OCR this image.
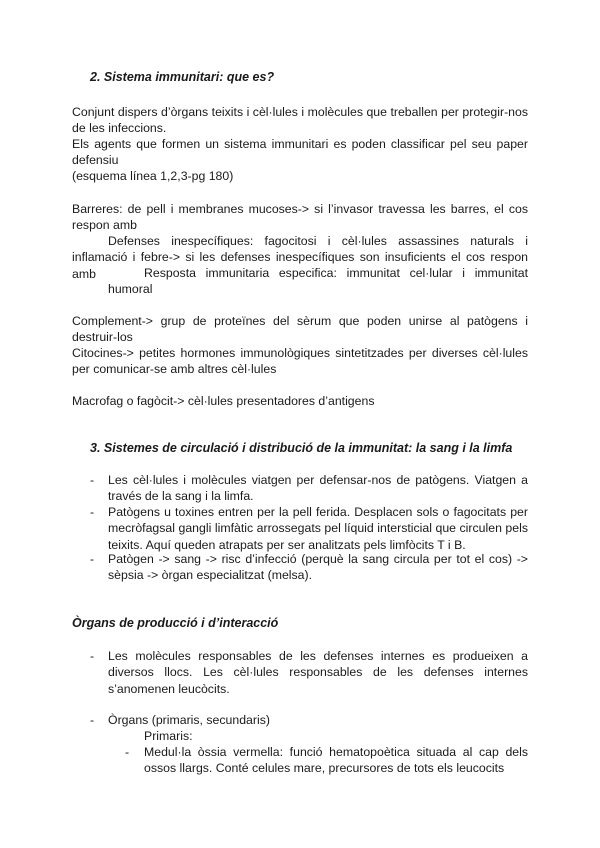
2. Sistema immunitari: que es?
Conjunt dispers d’òrgans teixits i cèl·lules i molècules que treballen per protegir-nos de les infeccions.
Els agents que formen un sistema immunitari es poden classificar pel seu paper defensiu
(esquema línea 1,2,3-pg 180)
Barreres: de pell i membranes mucoses-> si l’invasor travessa les barres, el cos respon amb
Defenses inespecífiques: fagocitosi i cèl·lules assassines naturals i inflamació i febre-> si les defenses inespecífiques son insuficients el cos respon amb	Resposta immunitaria especifica: immunitat cel·lular i immunitat humoral
Complement-> grup de proteïnes del sèrum que poden unirse al patògens i destruir-los
Citocines-> petites hormones immunològiques sintetitzades per diverses cèl·lules per comunicar-se amb altres cèl·lules
Macrofag o fagòcit-> cèl·lules presentadores d’antigens
3. Sistemes de circulació i distribució de la immunitat: la sang i la limfa
- Les cèl·lules i molècules viatgen per defensar-nos de patògens. Viatgen a través de la sang i la limfa.
- Patògens u toxines entren per la pell ferida. Desplacen sols o fagocitats per mecròfagsal gangli limfàtic arrossegats pel líquid intersticial que circulen pels teixits. Aquí queden atrapats per ser analitzats pels limfòcits T i B.
- Patògen -> sang -> risc d’infecció (perquè la sang circula per tot el cos) -> sèpsia -> òrgan especialitzat (melsa).
Òrgans de producció i d’interacció
- Les molècules responsables de les defenses internes es produeixen a diversos llocs. Les cèl·lules responsables de les defenses internes s’anomenen leucòcits.
- Òrgans (primaris, secundaris)
Primaris:
- Medul·la òssia vermella: funció hematopoètica situada al cap dels ossos llargs. Conté celules mare, precursores de tots els leucocits
